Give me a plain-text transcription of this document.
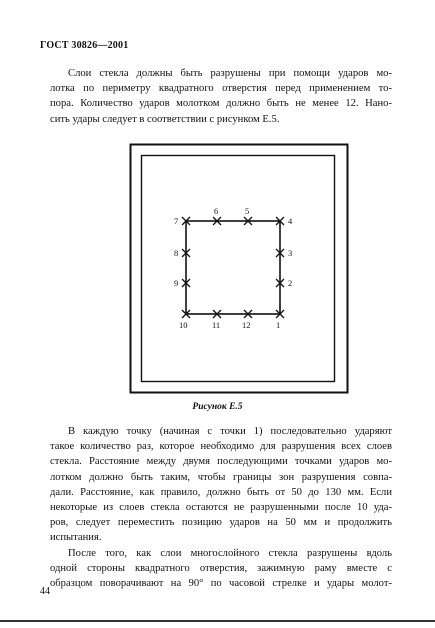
ГОСТ 30826—2001
Слои стекла должны быть разрушены при помощи ударов мо-
лотка по периметру квадратного отверстия перед применением то-
пора. Количество ударов молотком должно быть не менее 12. Нано-
сить удары следует в соответствии с рисунком Е.5.
1
2
3
4
5
6
7
8
9
10	11	12
Рисунок Е.5
В каждую точку (начиная с точки 1) последовательно ударяют
такое количество раз, которое необходимо для разрушения всех слоев
стекла. Расстояние между двумя последующими точками ударов мо-
лотком должно быть таким, чтобы границы зон разрушения совпа-
дали. Расстояние, как правило, должно быть от 50 до 130 мм. Если
некоторые из слоев стекла остаются не разрушенными после 10 уда-
ров, следует переместить позицию ударов на 50 мм и продолжить
испытания.
После того, как слои многослойного стекла разрушены вдоль
одной стороны квадратного отверстия, зажимную раму вместе с
образцом поворачивают на 90° по часовой стрелке и удары молот-
44
